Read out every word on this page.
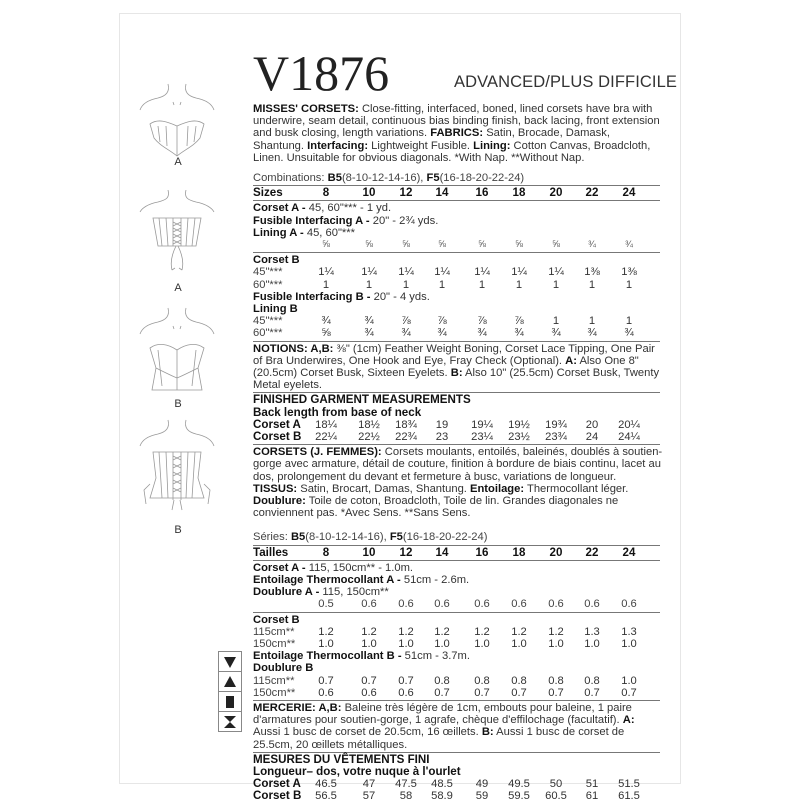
V1876	ADVANCED/PLUS DIFFICILE
A
A
B
B

MISSES' CORSETS: Close-fitting, interfaced, boned, lined corsets have bra with underwire, seam detail, continuous bias binding finish, back lacing, front extension and busk closing, length variations. FABRICS: Satin, Brocade, Damask, Shantung. Interfacing: Lightweight Fusible. Lining: Cotton Canvas, Broadcloth, Linen. Unsuitable for obvious diagonals. *With Nap. **Without Nap.

Combinations: B5(8-10-12-14-16), F5(16-18-20-22-24)
Sizes	8	10	12	14	16	18	20	22	24
Corset A - 45, 60"*** - 1 yd.
Fusible Interfacing A - 20" - 2¾ yds.
Lining A - 45, 60"***
⅝	⅝	⅝	⅝	⅝	⅝	⅝	¾	¾
Corset B
45"***	1¼	1¼	1¼	1¼	1¼	1¼	1¼	1⅜	1⅜
60"***	1	1	1	1	1	1	1	1	1
Fusible Interfacing B - 20" - 4 yds.
Lining B
45"***	¾	¾	⅞	⅞	⅞	⅞	1	1	1
60"***	⅝	¾	¾	¾	¾	¾	¾	¾	¾

NOTIONS: A,B: ⅜" (1cm) Feather Weight Boning, Corset Lace Tipping, One Pair of Bra Underwires, One Hook and Eye, Fray Check (Optional). A: Also One 8" (20.5cm) Corset Busk, Sixteen Eyelets. B: Also 10" (25.5cm) Corset Busk, Twenty Metal eyelets.

FINISHED GARMENT MEASUREMENTS
Back length from base of neck
Corset A	18¼	18½	18¾	19	19¼	19½	19¾	20	20¼
Corset B	22¼	22½	22¾	23	23¼	23½	23¾	24	24¼

CORSETS (J. FEMMES): Corsets moulants, entoilés, baleinés, doublés à soutien-gorge avec armature, détail de couture, finition à bordure de biais continu, lacet au dos, prolongement du devant et fermeture à busc, variations de longueur. TISSUS: Satin, Brocart, Damas, Shantung. Entoilage: Thermocollant léger. Doublure: Toile de coton, Broadcloth, Toile de lin. Grandes diagonales ne conviennent pas. *Avec Sens. **Sans Sens.

Séries: B5(8-10-12-14-16), F5(16-18-20-22-24)
Tailles	8	10	12	14	16	18	20	22	24
Corset A - 115, 150cm** - 1.0m.
Entoilage Thermocollant A - 51cm - 2.6m.
Doublure A - 115, 150cm**
0.5	0.6	0.6	0.6	0.6	0.6	0.6	0.6	0.6
Corset B
115cm**	1.2	1.2	1.2	1.2	1.2	1.2	1.2	1.3	1.3
150cm**	1.0	1.0	1.0	1.0	1.0	1.0	1.0	1.0	1.0
Entoilage Thermocollant B - 51cm - 3.7m.
Doublure B
115cm**	0.7	0.7	0.7	0.8	0.8	0.8	0.8	0.8	1.0
150cm**	0.6	0.6	0.6	0.7	0.7	0.7	0.7	0.7	0.7

MERCERIE: A,B: Baleine très légère de 1cm, embouts pour baleine, 1 paire d'armatures pour soutien-gorge, 1 agrafe, chèque d'effilochage (facultatif). A: Aussi 1 busc de corset de 20.5cm, 16 œillets. B: Aussi 1 busc de corset de 25.5cm, 20 œillets métalliques.

MESURES DU VÊTEMENTS FINI
Longueur– dos, votre nuque à l'ourlet
Corset A	46.5	47	47.5	48.5	49	49.5	50	51	51.5
Corset B	56.5	57	58	58.9	59	59.5	60.5	61	61.5
